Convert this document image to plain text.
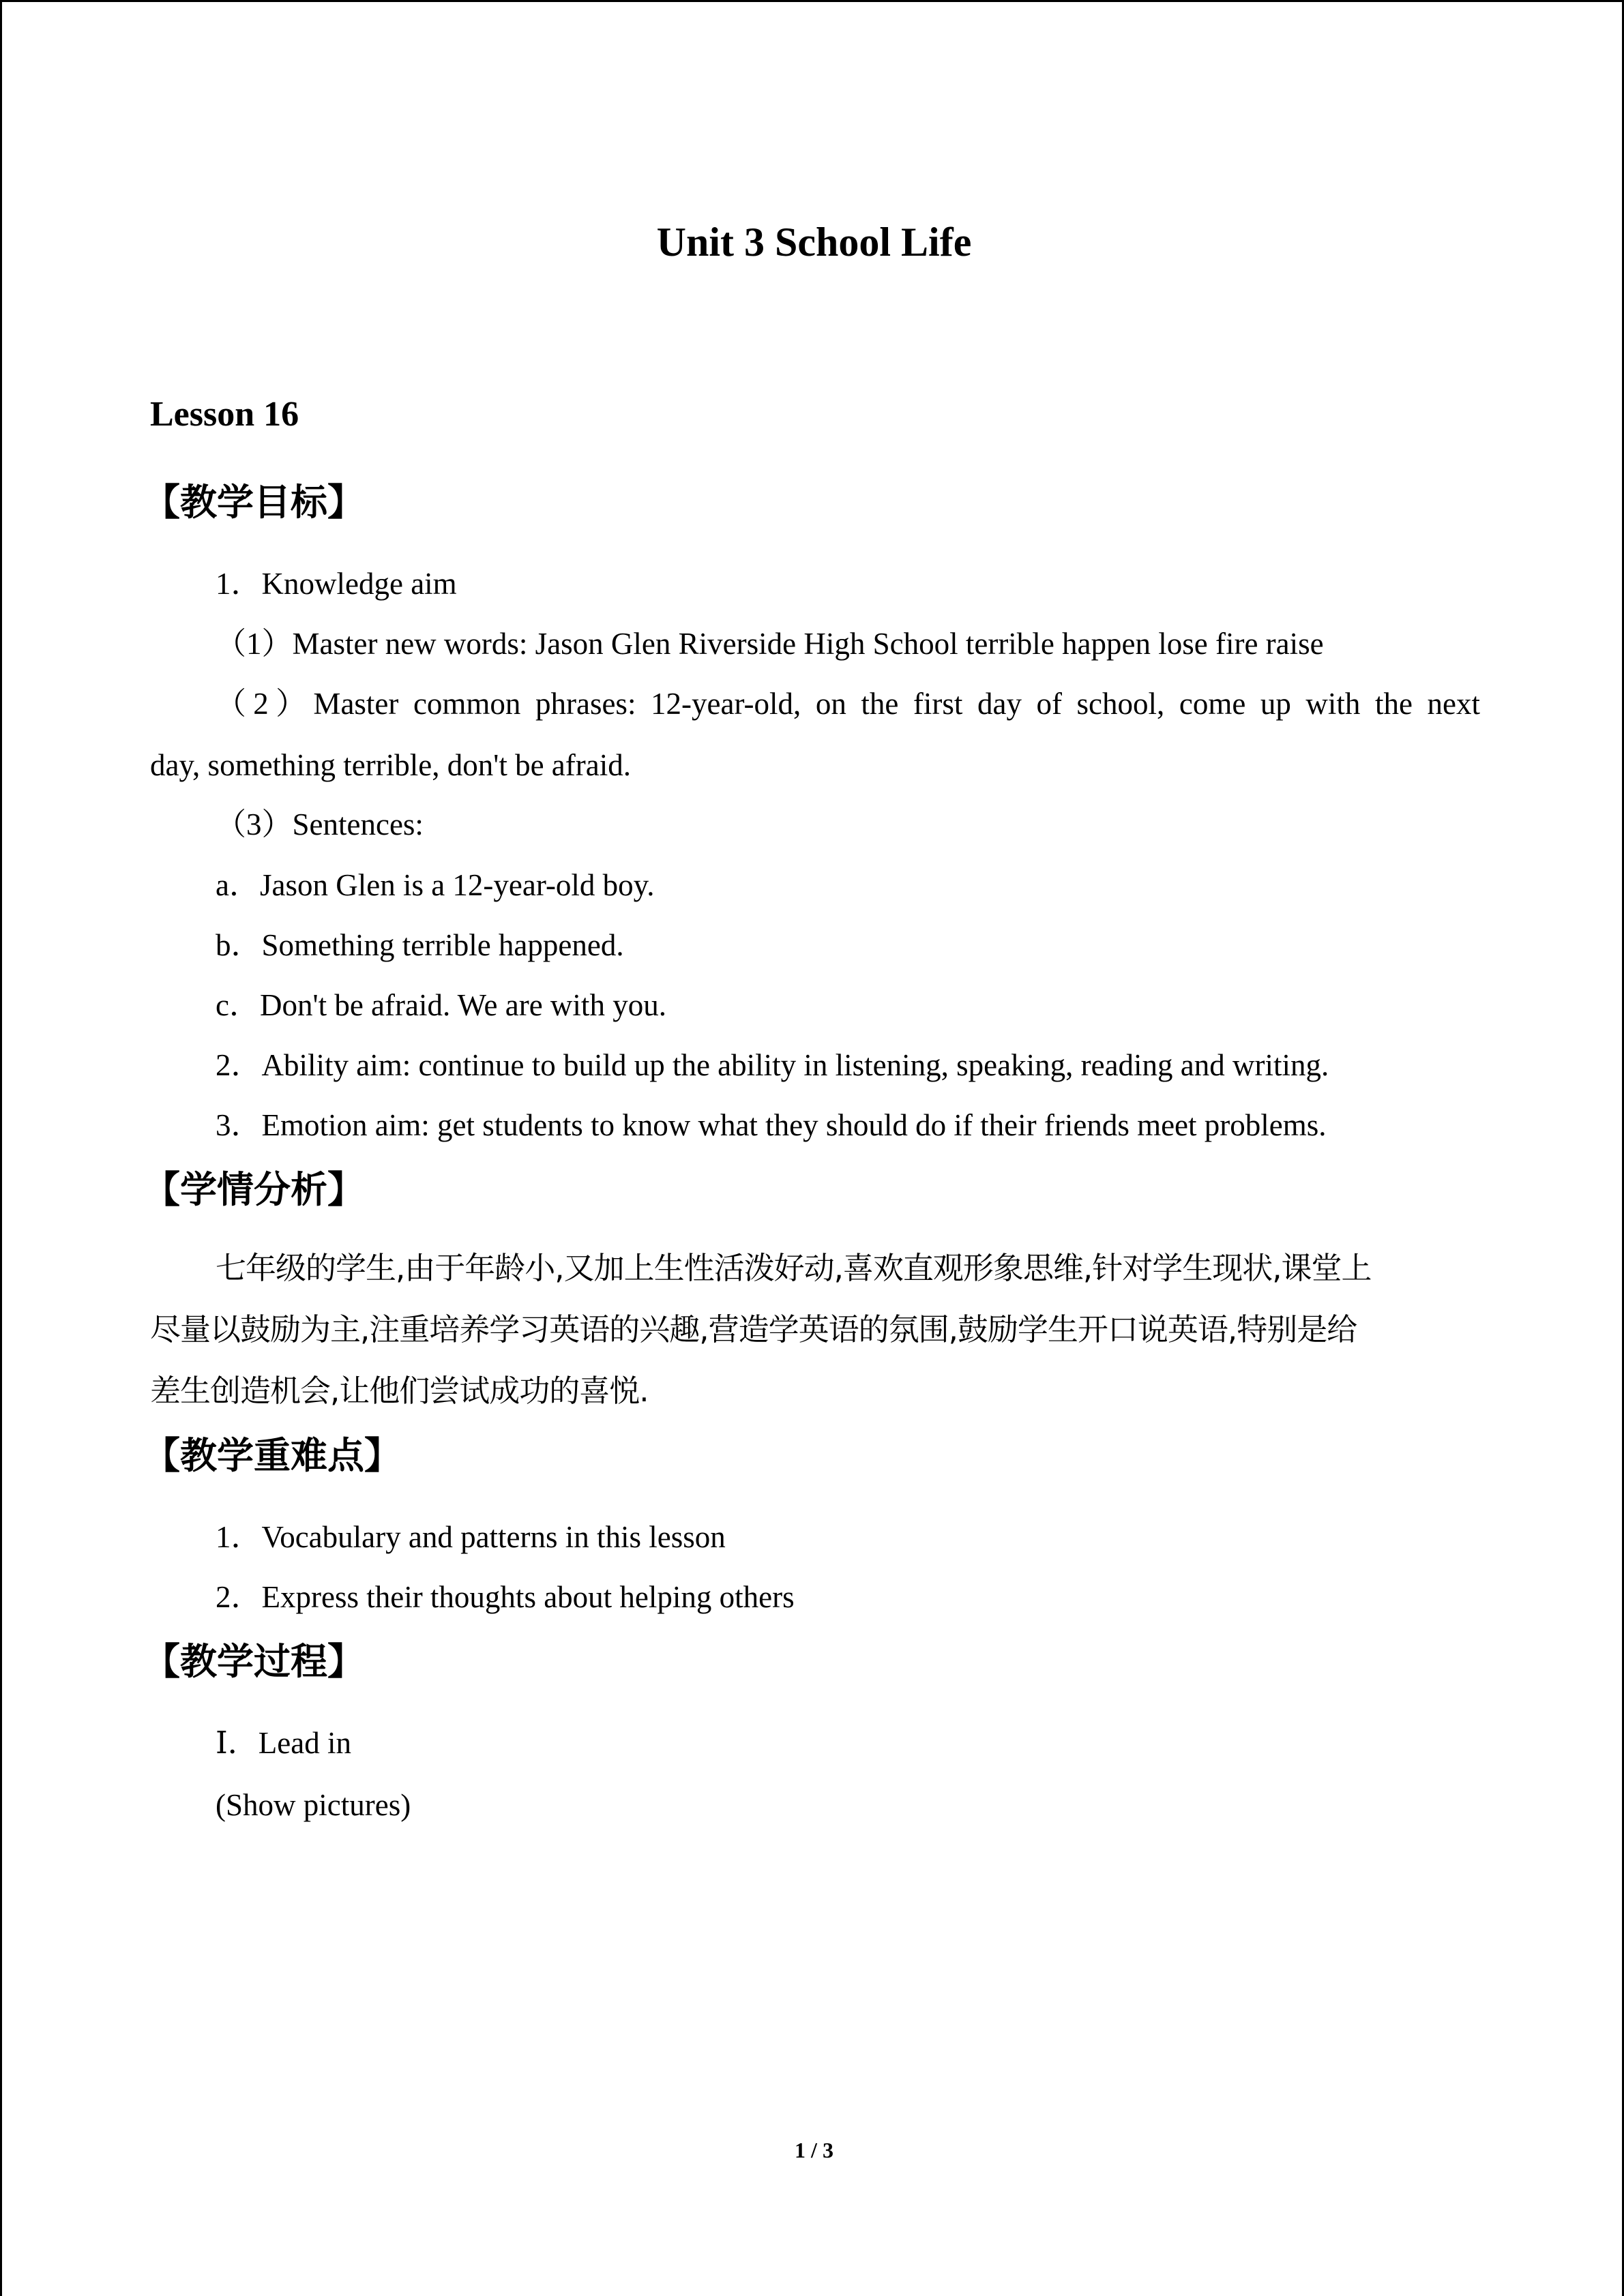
Unit 3 School Life
Lesson 16
【教学目标】
1．Knowledge aim
（1）Master new words: Jason Glen Riverside High School terrible happen lose fire raise
（2）Master common phrases: 12-year-old, on the first day of school, come up with the next
day, something terrible, don't be afraid.
（3）Sentences:
a．Jason Glen is a 12-year-old boy.
b．Something terrible happened.
c．Don't be afraid. We are with you.
2．Ability aim: continue to build up the ability in listening, speaking, reading and writing.
3．Emotion aim: get students to know what they should do if their friends meet problems.
【学情分析】
七年级的学生,由于年龄小,又加上生性活泼好动,喜欢直观形象思维,针对学生现状,课堂上
尽量以鼓励为主,注重培养学习英语的兴趣,营造学英语的氛围,鼓励学生开口说英语,特别是给
差生创造机会,让他们尝试成功的喜悦.
【教学重难点】
1．Vocabulary and patterns in this lesson
2．Express their thoughts about helping others
【教学过程】
Ⅰ．Lead in
(Show pictures)
1 / 3
